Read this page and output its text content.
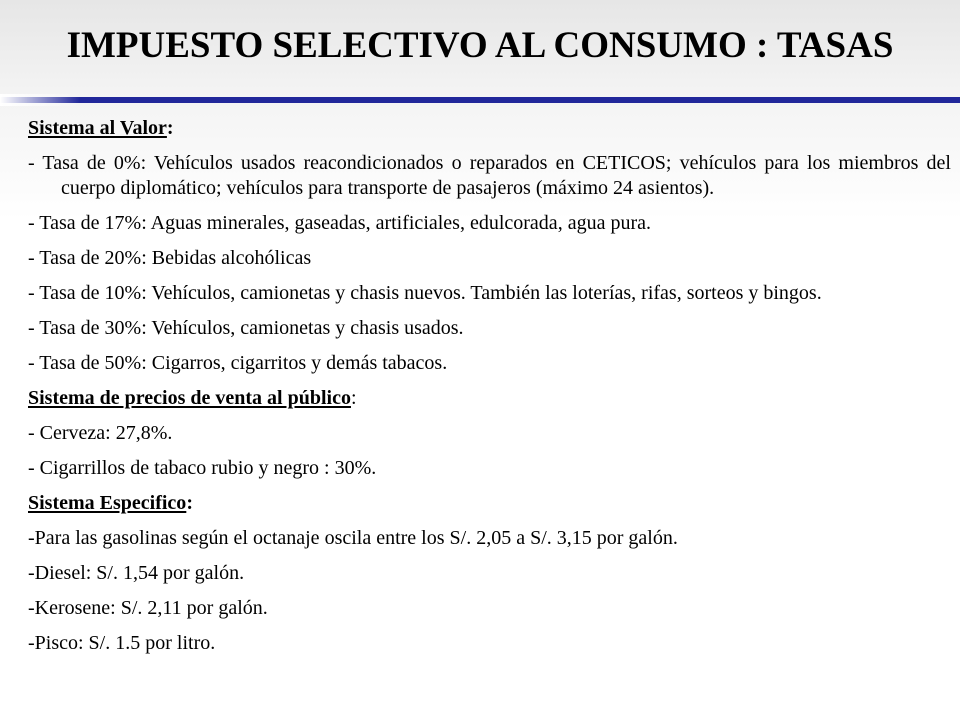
IMPUESTO SELECTIVO AL CONSUMO : TASAS

Sistema al Valor:

- Tasa de 0%: Vehículos usados reacondicionados o reparados en CETICOS; vehículos para los miembros del cuerpo diplomático; vehículos para transporte de pasajeros (máximo 24 asientos).

- Tasa de 17%: Aguas minerales, gaseadas, artificiales, edulcorada, agua pura.

- Tasa de 20%: Bebidas alcohólicas

- Tasa de 10%: Vehículos, camionetas y chasis nuevos. También las loterías, rifas, sorteos y bingos.

- Tasa de 30%: Vehículos, camionetas y chasis usados.

- Tasa de 50%: Cigarros, cigarritos y demás tabacos.

Sistema de precios de venta al público:

- Cerveza: 27,8%.

- Cigarrillos de tabaco rubio y negro : 30%.

Sistema Especifico:

-Para las gasolinas según el octanaje oscila entre los S/. 2,05 a S/. 3,15 por galón.

-Diesel: S/. 1,54 por galón.

-Kerosene: S/. 2,11 por galón.

-Pisco: S/. 1.5 por litro.
